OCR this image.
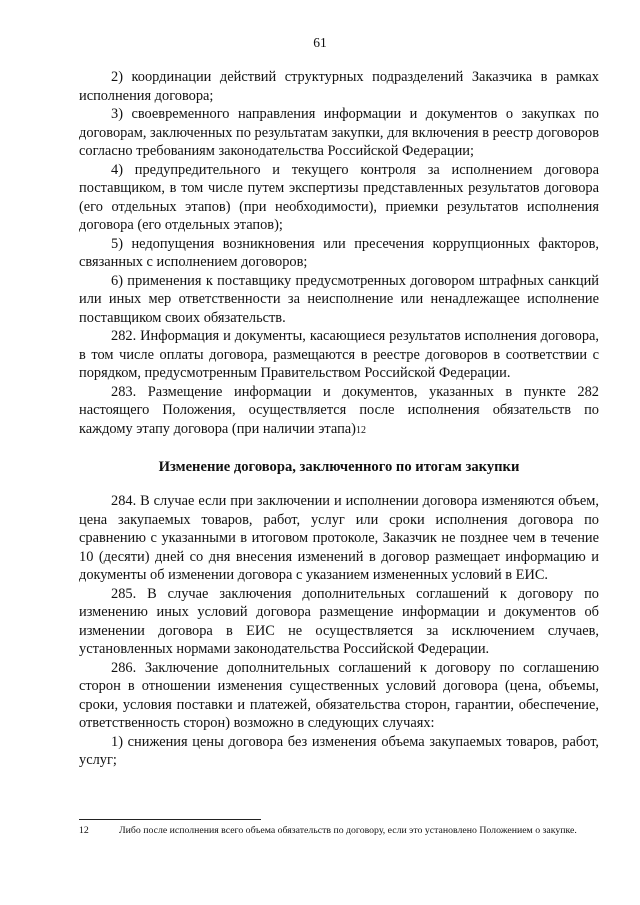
61

2) координации действий структурных подразделений Заказчика в рамках исполнения договора;

3) своевременного направления информации и документов о закупках по договорам, заключенных по результатам закупки, для включения в реестр договоров согласно требованиям законодательства Российской Федерации;

4) предупредительного и текущего контроля за исполнением договора поставщиком, в том числе путем экспертизы представленных результатов договора (его отдельных этапов) (при необходимости), приемки результатов исполнения договора (его отдельных этапов);

5) недопущения возникновения или пресечения коррупционных факторов, связанных с исполнением договоров;

6) применения к поставщику предусмотренных договором штрафных санкций или иных мер ответственности за неисполнение или ненадлежащее исполнение поставщиком своих обязательств.

282. Информация и документы, касающиеся результатов исполнения договора, в том числе оплаты договора, размещаются в реестре договоров в соответствии с порядком, предусмотренным Правительством Российской Федерации.

283. Размещение информации и документов, указанных в пункте 282 настоящего Положения, осуществляется после исполнения обязательств по каждому этапу договора (при наличии этапа)12

Изменение договора, заключенного по итогам закупки

284. В случае если при заключении и исполнении договора изменяются объем, цена закупаемых товаров, работ, услуг или сроки исполнения договора по сравнению с указанными в итоговом протоколе, Заказчик не позднее чем в течение 10 (десяти) дней со дня внесения изменений в договор размещает информацию и документы об изменении договора с указанием измененных условий в ЕИС.

285. В случае заключения дополнительных соглашений к договору по изменению иных условий договора размещение информации и документов об изменении договора в ЕИС не осуществляется за исключением случаев, установленных нормами законодательства Российской Федерации.

286. Заключение дополнительных соглашений к договору по соглашению сторон в отношении изменения существенных условий договора (цена, объемы, сроки, условия поставки и платежей, обязательства сторон, гарантии, обеспечение, ответственность сторон) возможно в следующих случаях:

1) снижения цены договора без изменения объема закупаемых товаров, работ, услуг;

12	Либо после исполнения всего объема обязательств по договору, если это установлено Положением о закупке.
